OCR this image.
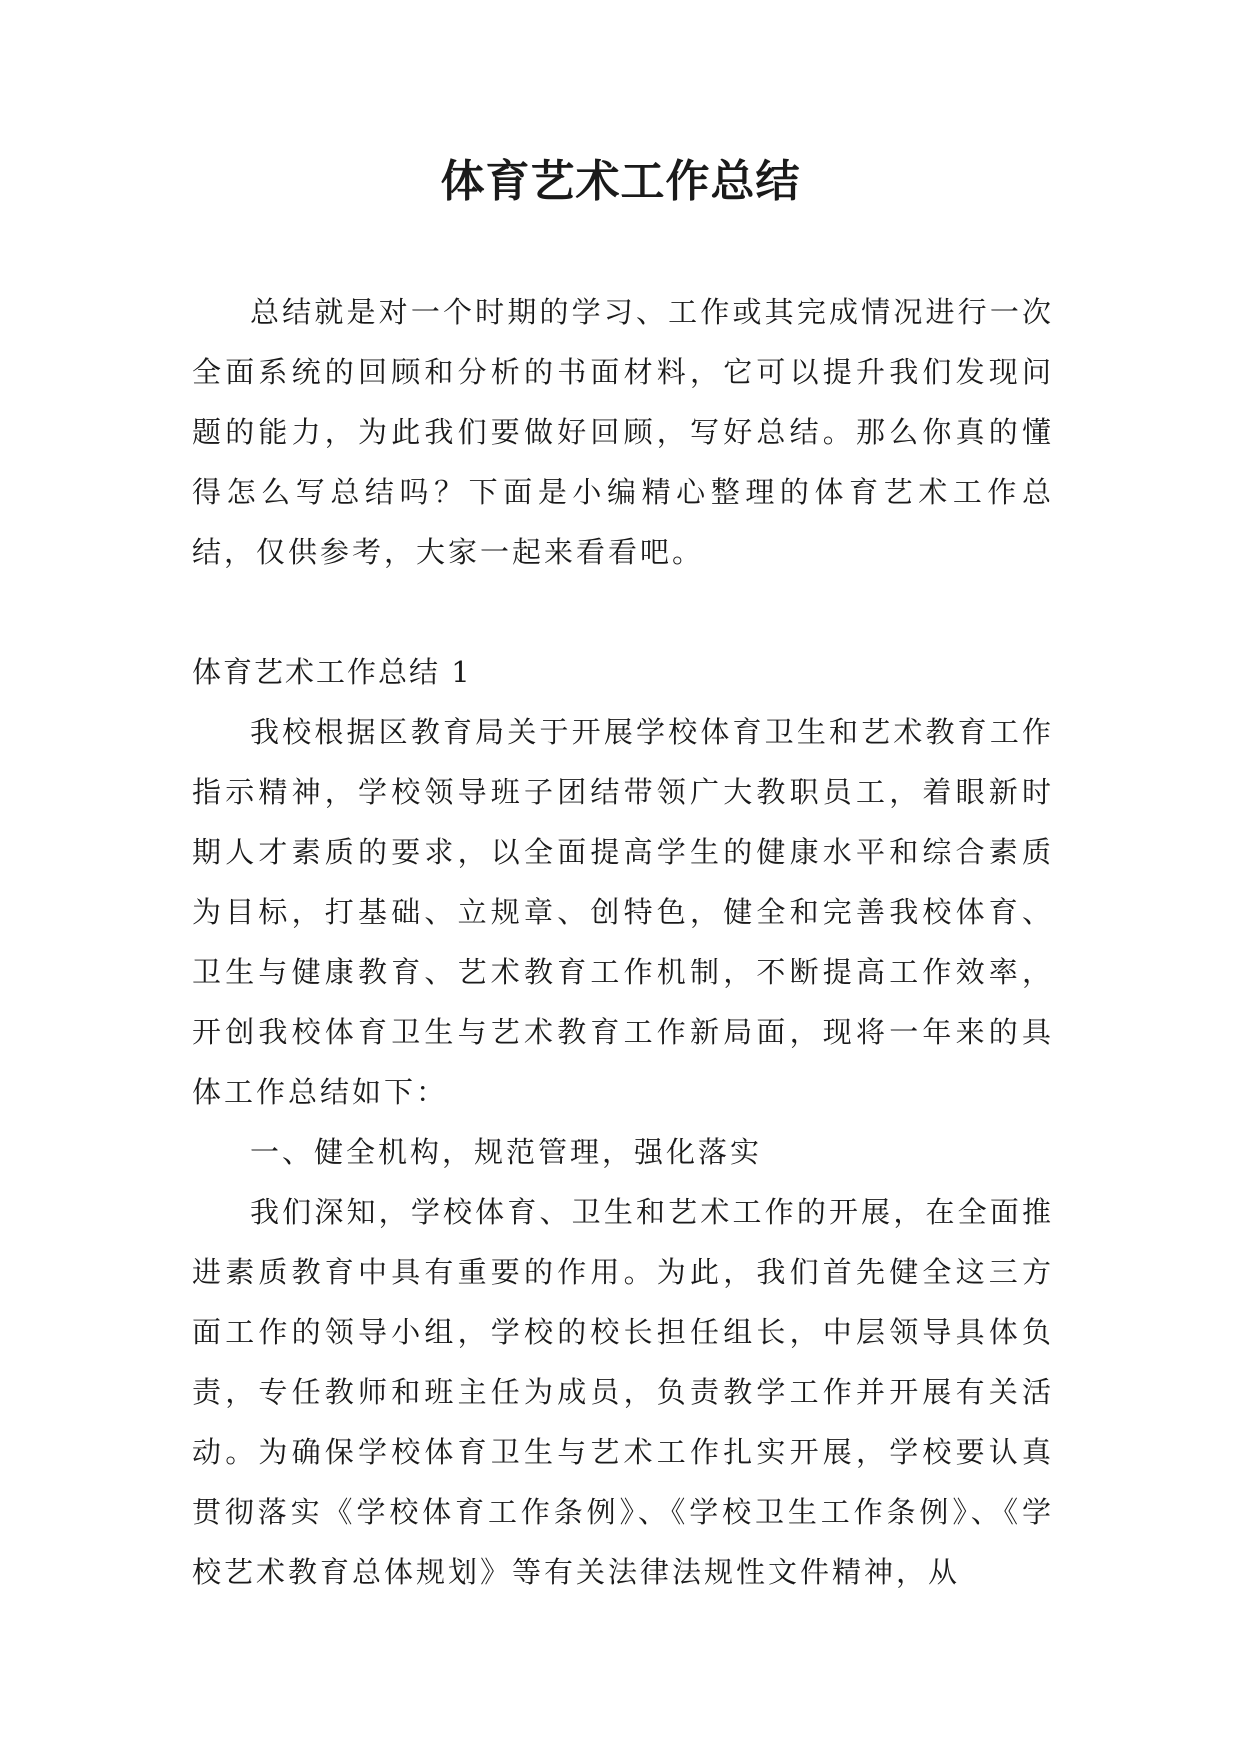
体育艺术工作总结

总结就是对一个时期的学习、工作或其完成情况进行一次全面系统的回顾和分析的书面材料，它可以提升我们发现问题的能力，为此我们要做好回顾，写好总结。那么你真的懂得怎么写总结吗？下面是小编精心整理的体育艺术工作总结，仅供参考，大家一起来看看吧。

体育艺术工作总结 1

我校根据区教育局关于开展学校体育卫生和艺术教育工作指示精神，学校领导班子团结带领广大教职员工，着眼新时期人才素质的要求，以全面提高学生的健康水平和综合素质为目标，打基础、立规章、创特色，健全和完善我校体育、卫生与健康教育、艺术教育工作机制，不断提高工作效率，开创我校体育卫生与艺术教育工作新局面，现将一年来的具体工作总结如下：

一、健全机构，规范管理，强化落实

我们深知，学校体育、卫生和艺术工作的开展，在全面推进素质教育中具有重要的作用。为此，我们首先健全这三方面工作的领导小组，学校的校长担任组长，中层领导具体负责，专任教师和班主任为成员，负责教学工作并开展有关活动。为确保学校体育卫生与艺术工作扎实开展，学校要认真贯彻落实《学校体育工作条例》、《学校卫生工作条例》、《学校艺术教育总体规划》等有关法律法规性文件精神，从
